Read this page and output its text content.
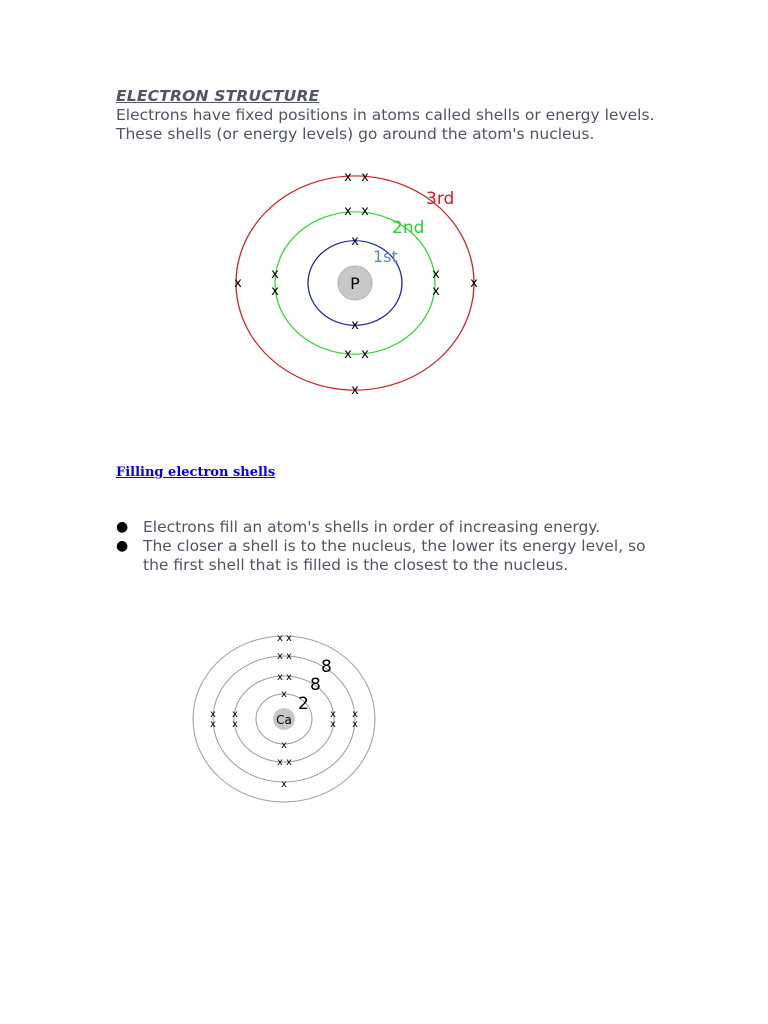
ELECTRON STRUCTURE

Electrons have fixed positions in atoms called shells or energy levels. These shells (or energy levels) go around the atom's nucleus.

P
1st
2nd
3rd
x x
x x
x
x	x
x
x
x
x
x
x x
x
Filling electron shells
● Electrons fill an atom's shells in order of increasing energy.
● The closer a shell is to the nucleus, the lower its energy level, so the first shell that is filled is the closest to the nucleus.
Ca
2
8
8
x x
x x
x x
x
x
x
x
x
x
x
x
x
x
x x
x
